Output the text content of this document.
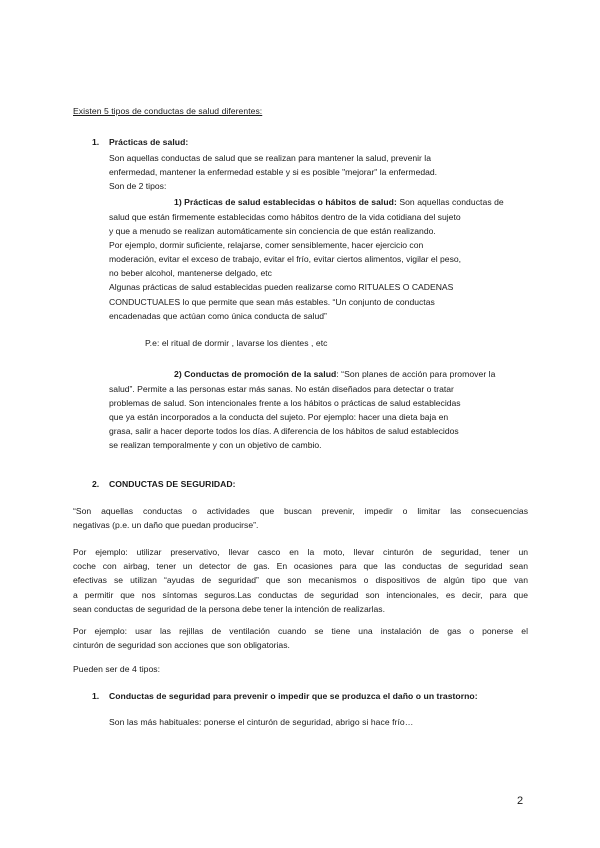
Existen 5 tipos de conductas de salud diferentes:
1. Prácticas de salud:
Son aquellas conductas de salud que se realizan para mantener la salud, prevenir la
enfermedad, mantener la enfermedad estable y si es posible "mejorar" la enfermedad.
Son de 2 tipos:
1) Prácticas de salud establecidas o hábitos de salud: Son aquellas conductas de
salud que están firmemente establecidas como hábitos dentro de la vida cotidiana del sujeto
y que a menudo se realizan automáticamente sin conciencia de que están realizando.
Por ejemplo, dormir suficiente, relajarse, comer sensiblemente, hacer ejercicio con
moderación, evitar el exceso de trabajo, evitar el frío, evitar ciertos alimentos, vigilar el peso,
no beber alcohol, mantenerse delgado, etc
Algunas prácticas de salud establecidas pueden realizarse como RITUALES O CADENAS
CONDUCTUALES lo que permite que sean más estables. “Un conjunto de conductas
encadenadas que actúan como única conducta de salud”
P.e: el ritual de dormir , lavarse los dientes , etc
2) Conductas de promoción de la salud: “Son planes de acción para promover la
salud”. Permite a las personas estar más sanas. No están diseñados para detectar o tratar
problemas de salud. Son intencionales frente a los hábitos o prácticas de salud establecidas
que ya están incorporados a la conducta del sujeto. Por ejemplo: hacer una dieta baja en
grasa, salir a hacer deporte todos los días. A diferencia de los hábitos de salud establecidos
se realizan temporalmente y con un objetivo de cambio.
2. CONDUCTAS DE SEGURIDAD:
“Son aquellas conductas o actividades que buscan prevenir, impedir o limitar las consecuencias
negativas (p.e. un daño que puedan producirse”.
Por ejemplo: utilizar preservativo, llevar casco en la moto, llevar cinturón de seguridad, tener un
coche con airbag, tener un detector de gas. En ocasiones para que las conductas de seguridad sean
efectivas se utilizan “ayudas de seguridad” que son mecanismos o dispositivos de algún tipo que van
a permitir que nos síntomas seguros.Las conductas de seguridad son intencionales, es decir, para que
sean conductas de seguridad de la persona debe tener la intención de realizarlas.
Por ejemplo: usar las rejillas de ventilación cuando se tiene una instalación de gas o ponerse el
cinturón de seguridad son acciones que son obligatorias.
Pueden ser de 4 tipos:
1. Conductas de seguridad para prevenir o impedir que se produzca el daño o un trastorno:
Son las más habituales: ponerse el cinturón de seguridad, abrigo si hace frío…
2
